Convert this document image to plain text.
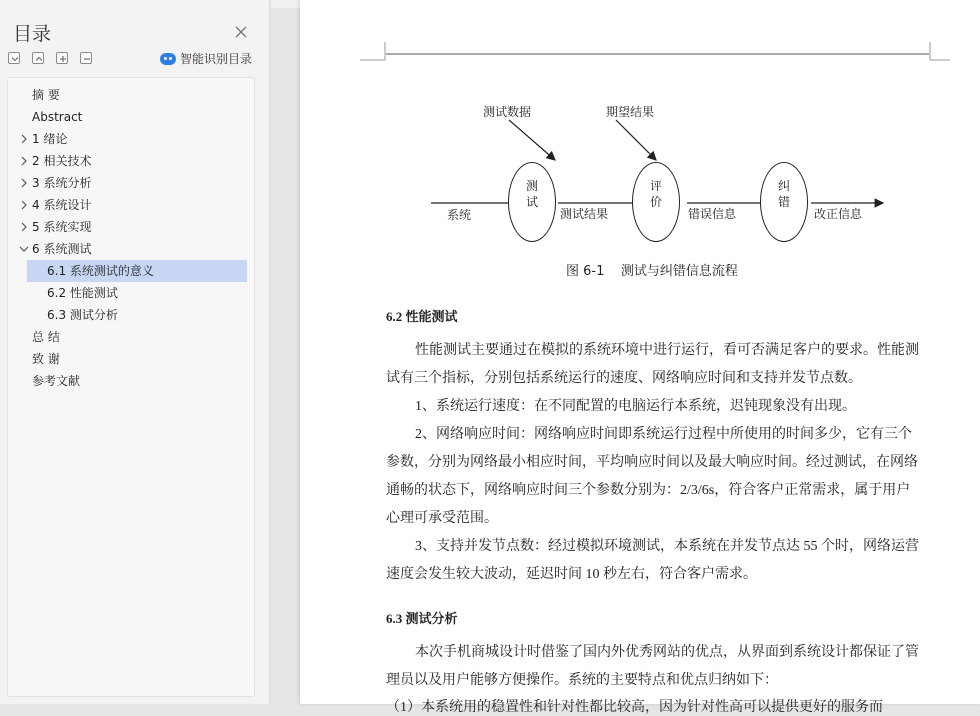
目录
智能识别目录
摘 要
Abstract
1 绪论
2 相关技术
3 系统分析
4 系统设计
5 系统实现
6 系统测试
6.1 系统测试的意义
6.2 性能测试
6.3 测试分析
总 结
致 谢
参考文献
测试数据	期望结果
测
试
评
价
纠
错
系统	测试结果	错误信息	改正信息
图 6-1    测试与纠错信息流程
6.2 性能测试
性能测试主要通过在模拟的系统环境中进行运行，看可否满足客户的要求。性能测
试有三个指标，分别包括系统运行的速度、网络响应时间和支持并发节点数。
1、系统运行速度：在不同配置的电脑运行本系统，迟钝现象没有出现。
2、网络响应时间：网络响应时间即系统运行过程中所使用的时间多少，它有三个
参数，分别为网络最小相应时间，平均响应时间以及最大响应时间。经过测试，在网络
通畅的状态下，网络响应时间三个参数分别为：2/3/6s，符合客户正常需求，属于用户
心理可承受范围。
3、支持并发节点数：经过模拟环境测试，本系统在并发节点达 55 个时，网络运营
速度会发生较大波动，延迟时间 10 秒左右，符合客户需求。
6.3 测试分析
本次手机商城设计时借鉴了国内外优秀网站的优点，从界面到系统设计都保证了管
理员以及用户能够方便操作。系统的主要特点和优点归纳如下：
（1）本系统用的稳置性和针对性都比较高，因为针对性高可以提供更好的服务而
